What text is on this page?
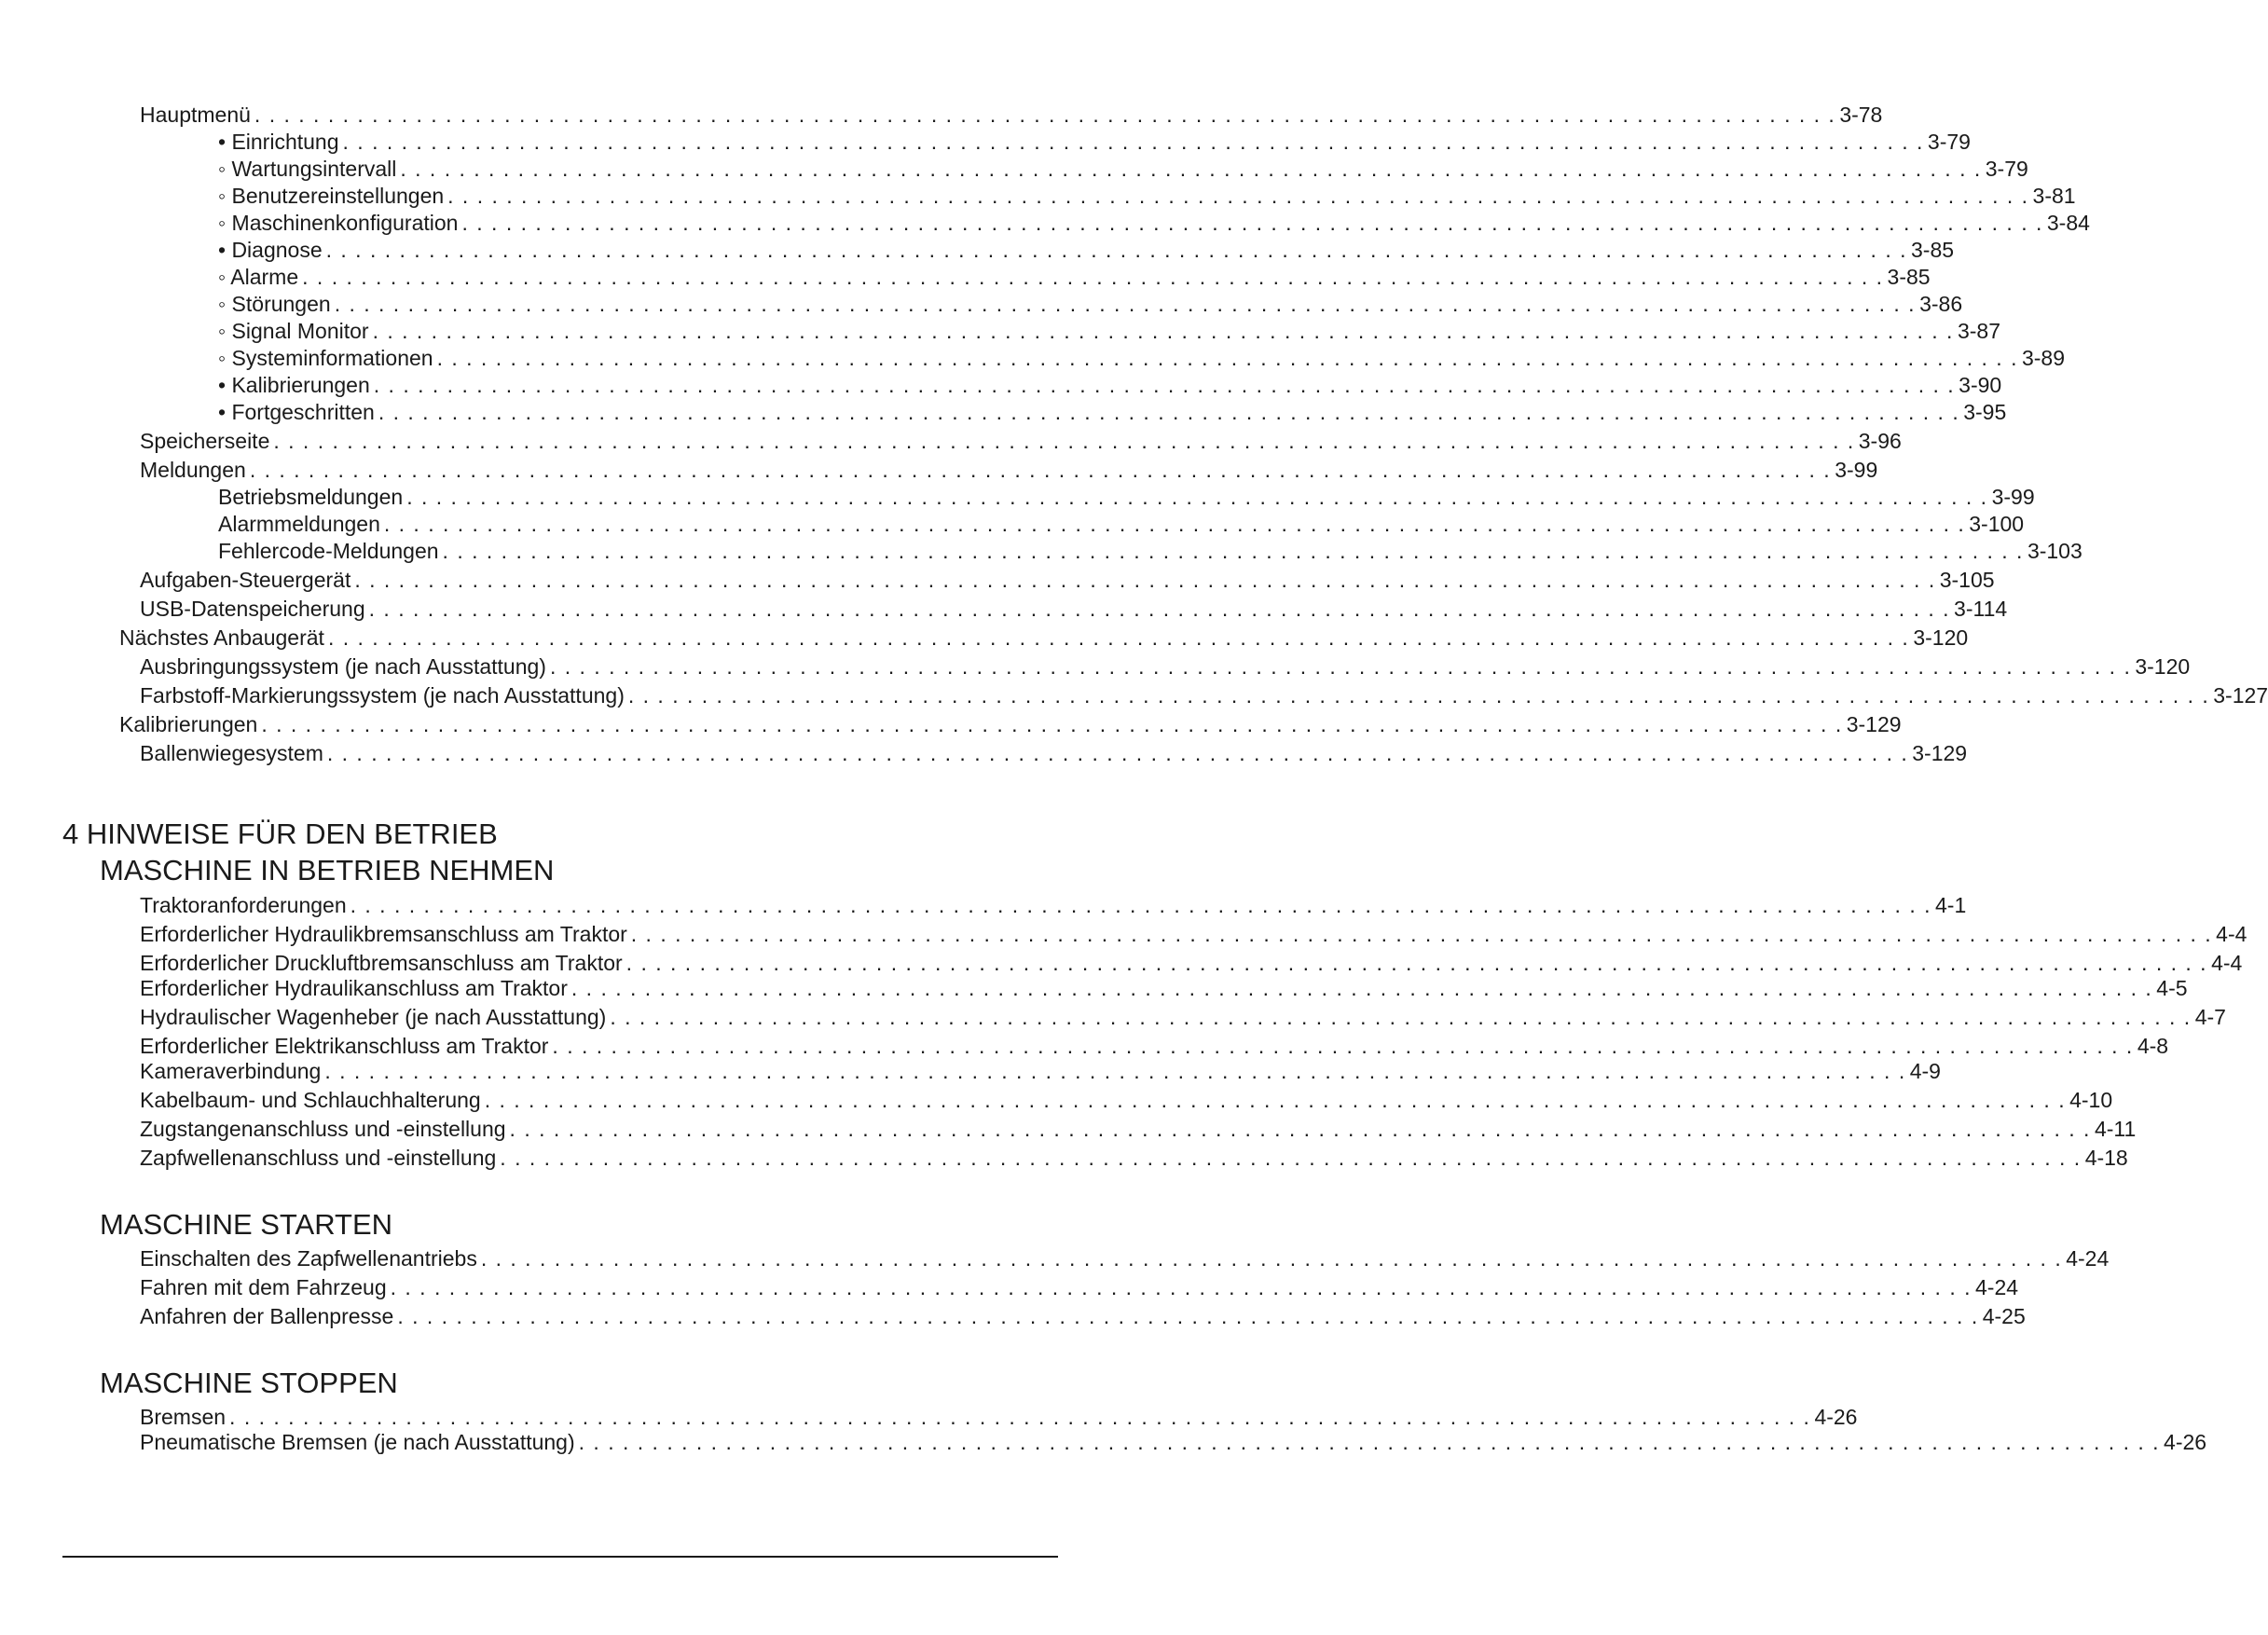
Hauptmenü . . . . . . . . . . . . . . . . . . . . . . . . . . . . . . . . . . . . . . . . . . . . . . . . . . . . . . . . . . . . . . . . . . . . . . . . . . . . . . . . . . . . . . . . . . . . . . . . . . . . . . . . . . . . 3-78
• Einrichtung . . . . . . . . . . . . . . . . . . . . . . . . . . . . . . . . . . . . . . . . . . . . . . . . . . . . . . . . . . . . . . . . . . . . . . . . . . . . . . . . . . . . . . . . . . . . . . . . . . . . . . . . . . . . 3-79
◦ Wartungsintervall . . . . . . . . . . . . . . . . . . . . . . . . . . . . . . . . . . . . . . . . . . . . . . . . . . . . . . . . . . . . . . . . . . . . . . . . . . . . . . . . . . . . . . . . . . . . . . . . . . . . . . . . . . . . 3-79
◦ Benutzereinstellungen . . . . . . . . . . . . . . . . . . . . . . . . . . . . . . . . . . . . . . . . . . . . . . . . . . . . . . . . . . . . . . . . . . . . . . . . . . . . . . . . . . . . . . . . . . . . . . . . . . . . . . . . . . . . 3-81
◦ Maschinenkonfiguration . . . . . . . . . . . . . . . . . . . . . . . . . . . . . . . . . . . . . . . . . . . . . . . . . . . . . . . . . . . . . . . . . . . . . . . . . . . . . . . . . . . . . . . . . . . . . . . . . . . . . . . . . . . . 3-84
• Diagnose . . . . . . . . . . . . . . . . . . . . . . . . . . . . . . . . . . . . . . . . . . . . . . . . . . . . . . . . . . . . . . . . . . . . . . . . . . . . . . . . . . . . . . . . . . . . . . . . . . . . . . . . . . . . 3-85
◦ Alarme . . . . . . . . . . . . . . . . . . . . . . . . . . . . . . . . . . . . . . . . . . . . . . . . . . . . . . . . . . . . . . . . . . . . . . . . . . . . . . . . . . . . . . . . . . . . . . . . . . . . . . . . . . . . 3-85
◦ Störungen . . . . . . . . . . . . . . . . . . . . . . . . . . . . . . . . . . . . . . . . . . . . . . . . . . . . . . . . . . . . . . . . . . . . . . . . . . . . . . . . . . . . . . . . . . . . . . . . . . . . . . . . . . . . 3-86
◦ Signal Monitor . . . . . . . . . . . . . . . . . . . . . . . . . . . . . . . . . . . . . . . . . . . . . . . . . . . . . . . . . . . . . . . . . . . . . . . . . . . . . . . . . . . . . . . . . . . . . . . . . . . . . . . . . . . . 3-87
◦ Systeminformationen . . . . . . . . . . . . . . . . . . . . . . . . . . . . . . . . . . . . . . . . . . . . . . . . . . . . . . . . . . . . . . . . . . . . . . . . . . . . . . . . . . . . . . . . . . . . . . . . . . . . . . . . . . . . 3-89
• Kalibrierungen . . . . . . . . . . . . . . . . . . . . . . . . . . . . . . . . . . . . . . . . . . . . . . . . . . . . . . . . . . . . . . . . . . . . . . . . . . . . . . . . . . . . . . . . . . . . . . . . . . . . . . . . . . . . 3-90
• Fortgeschritten . . . . . . . . . . . . . . . . . . . . . . . . . . . . . . . . . . . . . . . . . . . . . . . . . . . . . . . . . . . . . . . . . . . . . . . . . . . . . . . . . . . . . . . . . . . . . . . . . . . . . . . . . . . . 3-95
Speicherseite . . . . . . . . . . . . . . . . . . . . . . . . . . . . . . . . . . . . . . . . . . . . . . . . . . . . . . . . . . . . . . . . . . . . . . . . . . . . . . . . . . . . . . . . . . . . . . . . . . . . . . . . . . . . 3-96
Meldungen . . . . . . . . . . . . . . . . . . . . . . . . . . . . . . . . . . . . . . . . . . . . . . . . . . . . . . . . . . . . . . . . . . . . . . . . . . . . . . . . . . . . . . . . . . . . . . . . . . . . . . . . . . . . 3-99
Betriebsmeldungen . . . . . . . . . . . . . . . . . . . . . . . . . . . . . . . . . . . . . . . . . . . . . . . . . . . . . . . . . . . . . . . . . . . . . . . . . . . . . . . . . . . . . . . . . . . . . . . . . . . . . . . . . . . . 3-99
Alarmmeldungen . . . . . . . . . . . . . . . . . . . . . . . . . . . . . . . . . . . . . . . . . . . . . . . . . . . . . . . . . . . . . . . . . . . . . . . . . . . . . . . . . . . . . . . . . . . . . . . . . . . . . . . . . . . . 3-100
Fehlercode-Meldungen . . . . . . . . . . . . . . . . . . . . . . . . . . . . . . . . . . . . . . . . . . . . . . . . . . . . . . . . . . . . . . . . . . . . . . . . . . . . . . . . . . . . . . . . . . . . . . . . . . . . . . . . . . . . 3-103
Aufgaben-Steuergerät . . . . . . . . . . . . . . . . . . . . . . . . . . . . . . . . . . . . . . . . . . . . . . . . . . . . . . . . . . . . . . . . . . . . . . . . . . . . . . . . . . . . . . . . . . . . . . . . . . . . . . . . . . . . 3-105
USB-Datenspeicherung . . . . . . . . . . . . . . . . . . . . . . . . . . . . . . . . . . . . . . . . . . . . . . . . . . . . . . . . . . . . . . . . . . . . . . . . . . . . . . . . . . . . . . . . . . . . . . . . . . . . . . . . . . . . 3-114
Nächstes Anbaugerät . . . . . . . . . . . . . . . . . . . . . . . . . . . . . . . . . . . . . . . . . . . . . . . . . . . . . . . . . . . . . . . . . . . . . . . . . . . . . . . . . . . . . . . . . . . . . . . . . . . . . . . . . . . . 3-120
Ausbringungssystem (je nach Ausstattung) . . . . . . . . . . . . . . . . . . . . . . . . . . . . . . . . . . . . . . . . . . . . . . . . . . . . . . . . . . . . . . . . . . . . . . . . . . . . . . . . . . . . . . . . . . . . . . . . . . . . . . . . . . . . 3-120
Farbstoff-Markierungssystem (je nach Ausstattung) . . . . . . . . . . . . . . . . . . . . . . . . . . . . . . . . . . . . . . . . . . . . . . . . . . . . . . . . . . . . . . . . . . . . . . . . . . . . . . . . . . . . . . . . . . . . . . . . . . . . . . . . . . . . 3-127
Kalibrierungen . . . . . . . . . . . . . . . . . . . . . . . . . . . . . . . . . . . . . . . . . . . . . . . . . . . . . . . . . . . . . . . . . . . . . . . . . . . . . . . . . . . . . . . . . . . . . . . . . . . . . . . . . . . . 3-129
Ballenwiegesystem . . . . . . . . . . . . . . . . . . . . . . . . . . . . . . . . . . . . . . . . . . . . . . . . . . . . . . . . . . . . . . . . . . . . . . . . . . . . . . . . . . . . . . . . . . . . . . . . . . . . . . . . . . . . 3-129
4 HINWEISE FÜR DEN BETRIEB
MASCHINE IN BETRIEB NEHMEN
Traktoranforderungen . . . . . . . . . . . . . . . . . . . . . . . . . . . . . . . . . . . . . . . . . . . . . . . . . . . . . . . . . . . . . . . . . . . . . . . . . . . . . . . . . . . . . . . . . . . . . . . . . . . . . . . . . . . . 4-1
Erforderlicher Hydraulikbremsanschluss am Traktor . . . . . . . . . . . . . . . . . . . . . . . . . . . . . . . . . . . . . . . . . . . . . . . . . . . . . . . . . . . . . . . . . . . . . . . . . . . . . . . . . . . . . . . . . . . . . . . . . . . . . . . . . . . . 4-4
Erforderlicher Druckluftbremsanschluss am Traktor . . . . . . . . . . . . . . . . . . . . . . . . . . . . . . . . . . . . . . . . . . . . . . . . . . . . . . . . . . . . . . . . . . . . . . . . . . . . . . . . . . . . . . . . . . . . . . . . . . . . . . . . . . . . 4-4
Erforderlicher Hydraulikanschluss am Traktor . . . . . . . . . . . . . . . . . . . . . . . . . . . . . . . . . . . . . . . . . . . . . . . . . . . . . . . . . . . . . . . . . . . . . . . . . . . . . . . . . . . . . . . . . . . . . . . . . . . . . . . . . . . . 4-5
Hydraulischer Wagenheber (je nach Ausstattung) . . . . . . . . . . . . . . . . . . . . . . . . . . . . . . . . . . . . . . . . . . . . . . . . . . . . . . . . . . . . . . . . . . . . . . . . . . . . . . . . . . . . . . . . . . . . . . . . . . . . . . . . . . . . 4-7
Erforderlicher Elektrikanschluss am Traktor . . . . . . . . . . . . . . . . . . . . . . . . . . . . . . . . . . . . . . . . . . . . . . . . . . . . . . . . . . . . . . . . . . . . . . . . . . . . . . . . . . . . . . . . . . . . . . . . . . . . . . . . . . . . 4-8
Kameraverbindung . . . . . . . . . . . . . . . . . . . . . . . . . . . . . . . . . . . . . . . . . . . . . . . . . . . . . . . . . . . . . . . . . . . . . . . . . . . . . . . . . . . . . . . . . . . . . . . . . . . . . . . . . . . . 4-9
Kabelbaum- und Schlauchhalterung . . . . . . . . . . . . . . . . . . . . . . . . . . . . . . . . . . . . . . . . . . . . . . . . . . . . . . . . . . . . . . . . . . . . . . . . . . . . . . . . . . . . . . . . . . . . . . . . . . . . . . . . . . . . 4-10
Zugstangenanschluss und -einstellung . . . . . . . . . . . . . . . . . . . . . . . . . . . . . . . . . . . . . . . . . . . . . . . . . . . . . . . . . . . . . . . . . . . . . . . . . . . . . . . . . . . . . . . . . . . . . . . . . . . . . . . . . . . . 4-11
Zapfwellenanschluss und -einstellung . . . . . . . . . . . . . . . . . . . . . . . . . . . . . . . . . . . . . . . . . . . . . . . . . . . . . . . . . . . . . . . . . . . . . . . . . . . . . . . . . . . . . . . . . . . . . . . . . . . . . . . . . . . . 4-18
MASCHINE STARTEN
Einschalten des Zapfwellenantriebs . . . . . . . . . . . . . . . . . . . . . . . . . . . . . . . . . . . . . . . . . . . . . . . . . . . . . . . . . . . . . . . . . . . . . . . . . . . . . . . . . . . . . . . . . . . . . . . . . . . . . . . . . . . . 4-24
Fahren mit dem Fahrzeug . . . . . . . . . . . . . . . . . . . . . . . . . . . . . . . . . . . . . . . . . . . . . . . . . . . . . . . . . . . . . . . . . . . . . . . . . . . . . . . . . . . . . . . . . . . . . . . . . . . . . . . . . . . . 4-24
Anfahren der Ballenpresse . . . . . . . . . . . . . . . . . . . . . . . . . . . . . . . . . . . . . . . . . . . . . . . . . . . . . . . . . . . . . . . . . . . . . . . . . . . . . . . . . . . . . . . . . . . . . . . . . . . . . . . . . . . . 4-25
MASCHINE STOPPEN
Bremsen . . . . . . . . . . . . . . . . . . . . . . . . . . . . . . . . . . . . . . . . . . . . . . . . . . . . . . . . . . . . . . . . . . . . . . . . . . . . . . . . . . . . . . . . . . . . . . . . . . . . . . . . . . . . 4-26
Pneumatische Bremsen (je nach Ausstattung) . . . . . . . . . . . . . . . . . . . . . . . . . . . . . . . . . . . . . . . . . . . . . . . . . . . . . . . . . . . . . . . . . . . . . . . . . . . . . . . . . . . . . . . . . . . . . . . . . . . . . . . . . . . . 4-26
